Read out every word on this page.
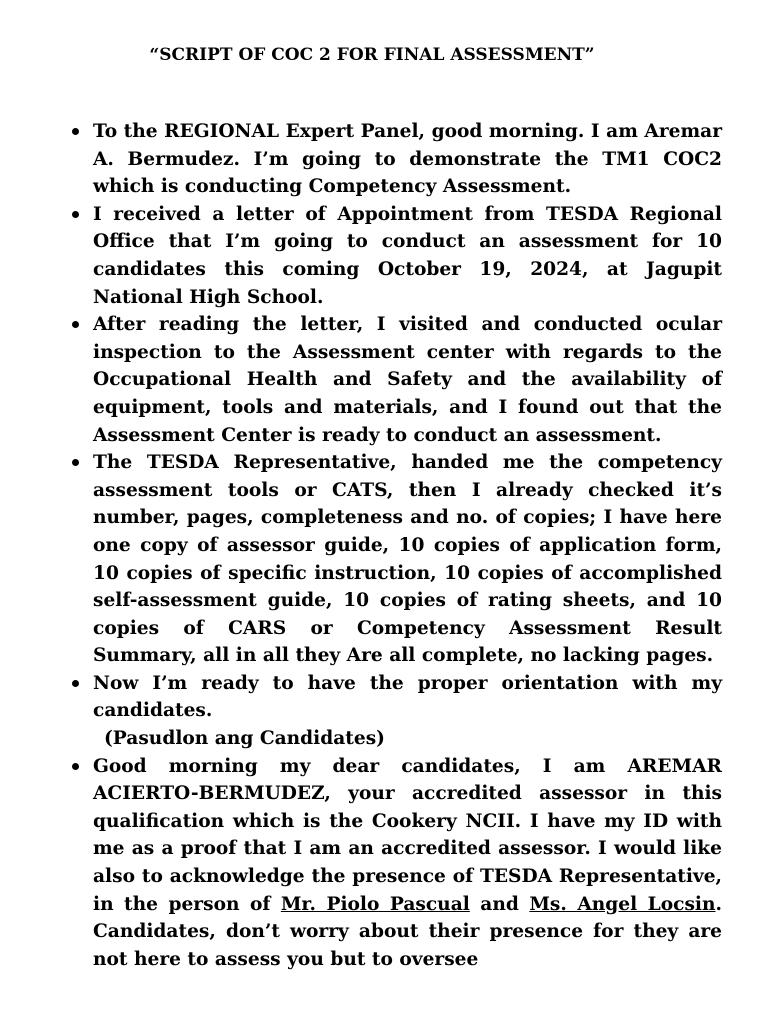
“SCRIPT OF COC 2 FOR FINAL ASSESSMENT”
To the REGIONAL Expert Panel, good morning. I am Aremar A. Bermudez. I’m going to demonstrate the TM1 COC2 which is conducting Competency Assessment.
I received a letter of Appointment from TESDA Regional Office that I’m going to conduct an assessment for 10 candidates this coming October 19, 2024, at Jagupit National High School.
After reading the letter, I visited and conducted ocular inspection to the Assessment center with regards to the Occupational Health and Safety and the availability of equipment, tools and materials, and I found out that the Assessment Center is ready to conduct an assessment.
The TESDA Representative, handed me the competency assessment tools or CATS, then I already checked it’s number, pages, completeness and no. of copies; I have here one copy of assessor guide, 10 copies of application form, 10 copies of specific instruction, 10 copies of accomplished self-assessment guide, 10 copies of rating sheets, and 10 copies of CARS or Competency Assessment Result Summary, all in all they Are all complete, no lacking pages.
Now I’m ready to have the proper orientation with my candidates.
(Pasudlon ang Candidates)
Good morning my dear candidates, I am AREMAR ACIERTO-BERMUDEZ, your accredited assessor in this qualification which is the Cookery NCII. I have my ID with me as a proof that I am an accredited assessor. I would like also to acknowledge the presence of TESDA Representative, in the person of Mr. Piolo Pascual and Ms. Angel Locsin. Candidates, don’t worry about their presence for they are not here to assess you but to oversee
